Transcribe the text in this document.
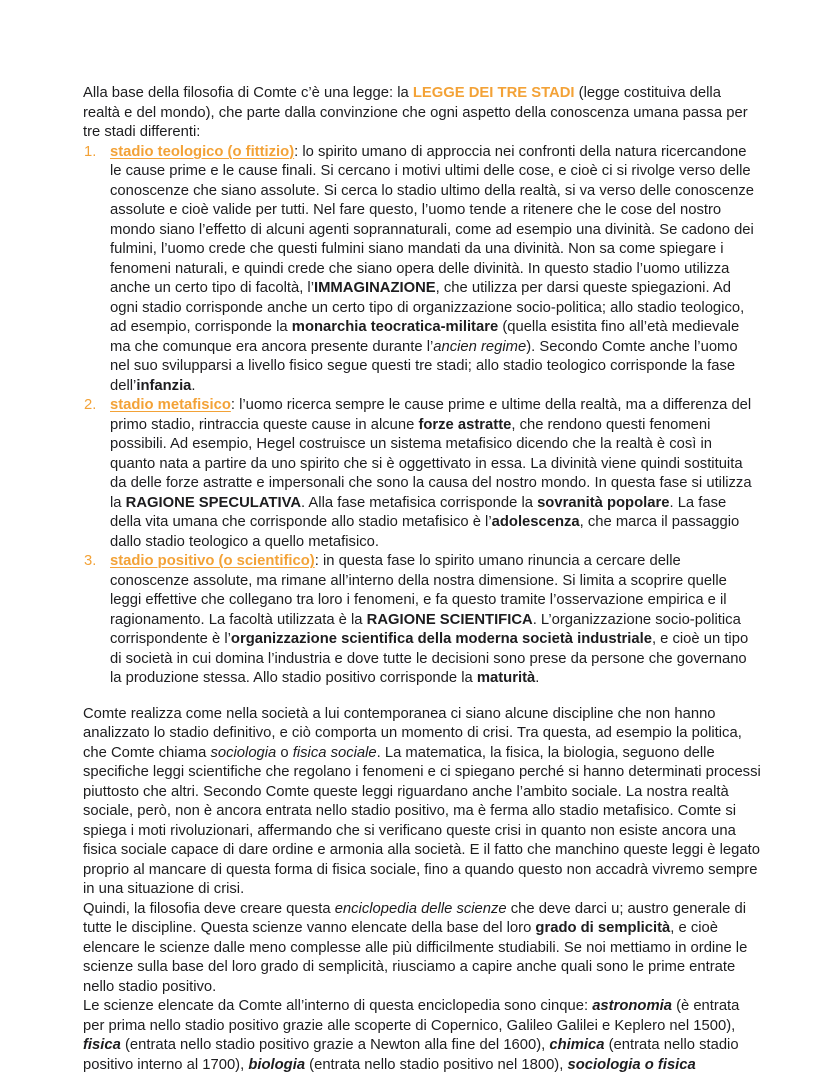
Alla base della filosofia di Comte c’è una legge: la LEGGE DEI TRE STADI (legge costituiva della realtà e del mondo), che parte dalla convinzione che ogni aspetto della conoscenza umana passa per tre stadi differenti:

1. stadio teologico (o fittizio): lo spirito umano di approccia nei confronti della natura ricercandone le cause prime e le cause finali. Si cercano i motivi ultimi delle cose, e cioè ci si rivolge verso delle conoscenze che siano assolute. Si cerca lo stadio ultimo della realtà, si va verso delle conoscenze assolute e cioè valide per tutti. Nel fare questo, l’uomo tende a ritenere che le cose del nostro mondo siano l’effetto di alcuni agenti soprannaturali, come ad esempio una divinità. Se cadono dei fulmini, l’uomo crede che questi fulmini siano mandati da una divinità. Non sa come spiegare i fenomeni naturali, e quindi crede che siano opera delle divinità. In questo stadio l’uomo utilizza anche un certo tipo di facoltà, l’IMMAGINAZIONE, che utilizza per darsi queste spiegazioni. Ad ogni stadio corrisponde anche un certo tipo di organizzazione socio-politica; allo stadio teologico, ad esempio, corrisponde la monarchia teocratica-militare (quella esistita fino all’età medievale ma che comunque era ancora presente durante l’ancien regime). Secondo Comte anche l’uomo nel suo svilupparsi a livello fisico segue questi tre stadi; allo stadio teologico corrisponde la fase dell’infanzia.
2. stadio metafisico: l’uomo ricerca sempre le cause prime e ultime della realtà, ma a differenza del primo stadio, rintraccia queste cause in alcune forze astratte, che rendono questi fenomeni possibili. Ad esempio, Hegel costruisce un sistema metafisico dicendo che la realtà è così in quanto nata a partire da uno spirito che si è oggettivato in essa. La divinità viene quindi sostituita da delle forze astratte e impersonali che sono la causa del nostro mondo. In questa fase si utilizza la RAGIONE SPECULATIVA. Alla fase metafisica corrisponde la sovranità popolare. La fase della vita umana che corrisponde allo stadio metafisico è l’adolescenza, che marca il passaggio dallo stadio teologico a quello metafisico.
3. stadio positivo (o scientifico): in questa fase lo spirito umano rinuncia a cercare delle conoscenze assolute, ma rimane all’interno della nostra dimensione. Si limita a scoprire quelle leggi effettive che collegano tra loro i fenomeni, e fa questo tramite l’osservazione empirica e il ragionamento. La facoltà utilizzata è la RAGIONE SCIENTIFICA. L’organizzazione socio-politica corrispondente è l’organizzazione scientifica della moderna società industriale, e cioè un tipo di società in cui domina l’industria e dove tutte le decisioni sono prese da persone che governano la produzione stessa. Allo stadio positivo corrisponde la maturità.

Comte realizza come nella società a lui contemporanea ci siano alcune discipline che non hanno analizzato lo stadio definitivo, e ciò comporta un momento di crisi. Tra questa, ad esempio la politica, che Comte chiama sociologia o fisica sociale. La matematica, la fisica, la biologia, seguono delle specifiche leggi scientifiche che regolano i fenomeni e ci spiegano perché si hanno determinati processi piuttosto che altri. Secondo Comte queste leggi riguardano anche l’ambito sociale. La nostra realtà sociale, però, non è ancora entrata nello stadio positivo, ma è ferma allo stadio metafisico. Comte si spiega i moti rivoluzionari, affermando che si verificano queste crisi in quanto non esiste ancora una fisica sociale capace di dare ordine e armonia alla società. E il fatto che manchino queste leggi è legato proprio al mancare di questa forma di fisica sociale, fino a quando questo non accadrà vivremo sempre in una situazione di crisi.

Quindi, la filosofia deve creare questa enciclopedia delle scienze che deve darci u; austro generale di tutte le discipline. Questa scienze vanno elencate della base del loro grado di semplicità, e cioè elencare le scienze dalle meno complesse alle più difficilmente studiabili. Se noi mettiamo in ordine le scienze sulla base del loro grado di semplicità, riusciamo a capire anche quali sono le prime entrate nello stadio positivo.

Le scienze elencate da Comte all’interno di questa enciclopedia sono cinque: astronomia (è entrata per prima nello stadio positivo grazie alle scoperte di Copernico, Galileo Galilei e Keplero nel 1500), fisica (entrata nello stadio positivo grazie a Newton alla fine del 1600), chimica (entrata nello stadio positivo interno al 1700), biologia (entrata nello stadio positivo nel 1800), sociologia o fisica
